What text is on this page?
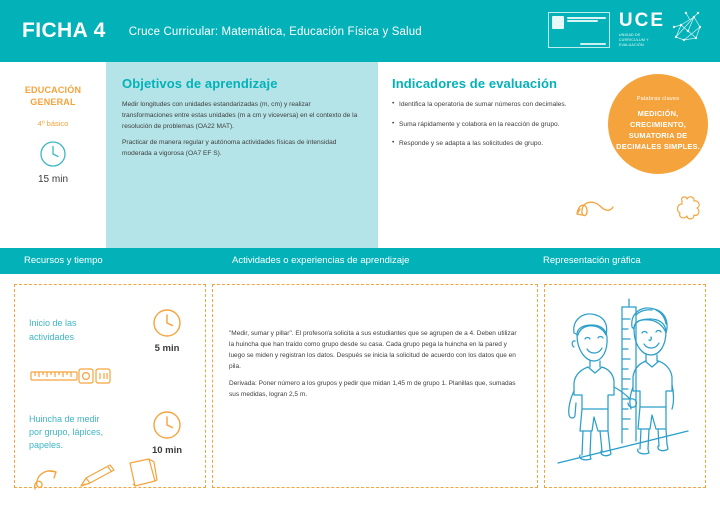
FICHA 4 Cruce Curricular: Matemática, Educación Física y Salud
UCE
UNIDAD DE
CURRICULUM Y
EVALUACIÓN
EDUCACIÓN
GENERAL
4º básico
15 min
Objetivos de aprendizaje

Medir longitudes con unidades estandarizadas (m, cm) y realizar transformaciones entre estas unidades (m a cm y viceversa) en el contexto de la resolución de problemas (OA22 MAT).

Practicar de manera regular y autónoma actividades físicas de intensidad moderada a vigorosa (OA7 EF S).

Indicadores de evaluación
• Identifica la operatoria de sumar números con decimales.
• Suma rápidamente y colabora en la reacción de grupo.
• Responde y se adapta a las solicitudes de grupo.
Palabras claves
MEDICIÓN, CRECIMIENTO, SUMATORIA DE DECIMALES SIMPLES.
Recursos y tiempo	Actividades o experiencias de aprendizaje	Representación gráfica
Inicio de las
actividades
5 min
Huincha de medir
por grupo, lápices,
papeles.	10 min

"Medir, sumar y pillar". El profesor/a solicita a sus estudiantes que se agrupen de a 4. Deben utilizar la huincha que han traído como grupo desde su casa. Cada grupo pega la huincha en la pared y luego se miden y registran los datos. Después se inicia la solicitud de acuerdo con los datos que en pila.

Derivada: Poner número a los grupos y pedir que midan 1,45 m de grupo 1. Planillas que, sumadas sus medidas, logran 2,5 m.
